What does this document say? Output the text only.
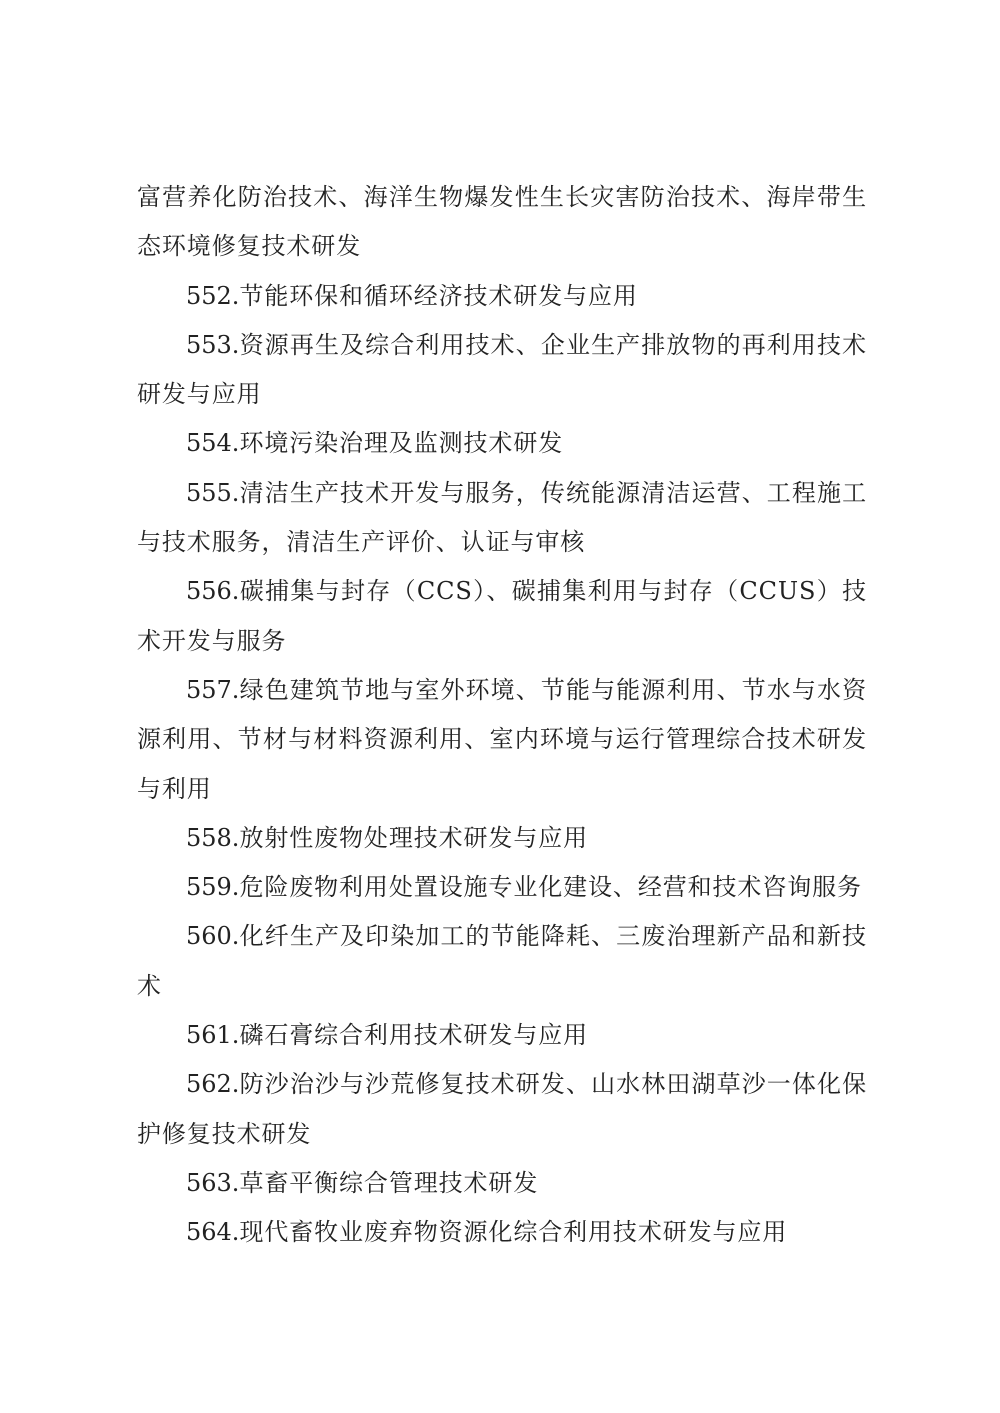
富营养化防治技术、海洋生物爆发性生长灾害防治技术、海岸带生态环境修复技术研发

552.节能环保和循环经济技术研发与应用

553.资源再生及综合利用技术、企业生产排放物的再利用技术研发与应用

554.环境污染治理及监测技术研发

555.清洁生产技术开发与服务，传统能源清洁运营、工程施工与技术服务，清洁生产评价、认证与审核

556.碳捕集与封存（CCS）、碳捕集利用与封存（CCUS）技术开发与服务

557.绿色建筑节地与室外环境、节能与能源利用、节水与水资源利用、节材与材料资源利用、室内环境与运行管理综合技术研发与利用

558.放射性废物处理技术研发与应用

559.危险废物利用处置设施专业化建设、经营和技术咨询服务

560.化纤生产及印染加工的节能降耗、三废治理新产品和新技术

561.磷石膏综合利用技术研发与应用

562.防沙治沙与沙荒修复技术研发、山水林田湖草沙一体化保护修复技术研发

563.草畜平衡综合管理技术研发

564.现代畜牧业废弃物资源化综合利用技术研发与应用
